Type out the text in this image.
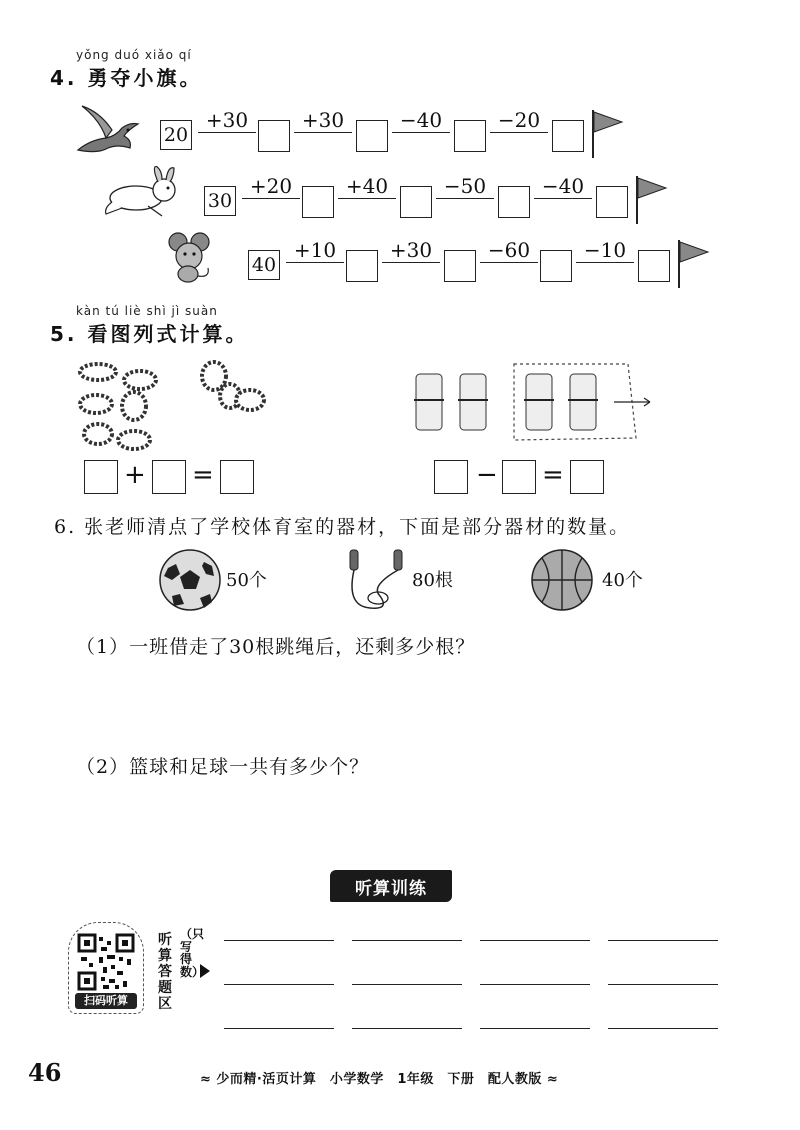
yǒng duó xiǎo qí
4. 勇夺小旗。
20
+30	+30	−40	−20
30
+20	+40	−50	−40
40
+10	+30	−60	−10
kàn tú liè shì jì suàn
5. 看图列式计算。
+ =	− =
6. 张老师清点了学校体育室的器材，下面是部分器材的数量。
50个	80根	40个
（1）一班借走了30根跳绳后，还剩多少根？
（2）篮球和足球一共有多少个？
听算训练
扫码听算
听算答题区
（只写得数）
46	≈ 少而精·活页计算　小学数学　1年级　下册　配人教版 ≈
